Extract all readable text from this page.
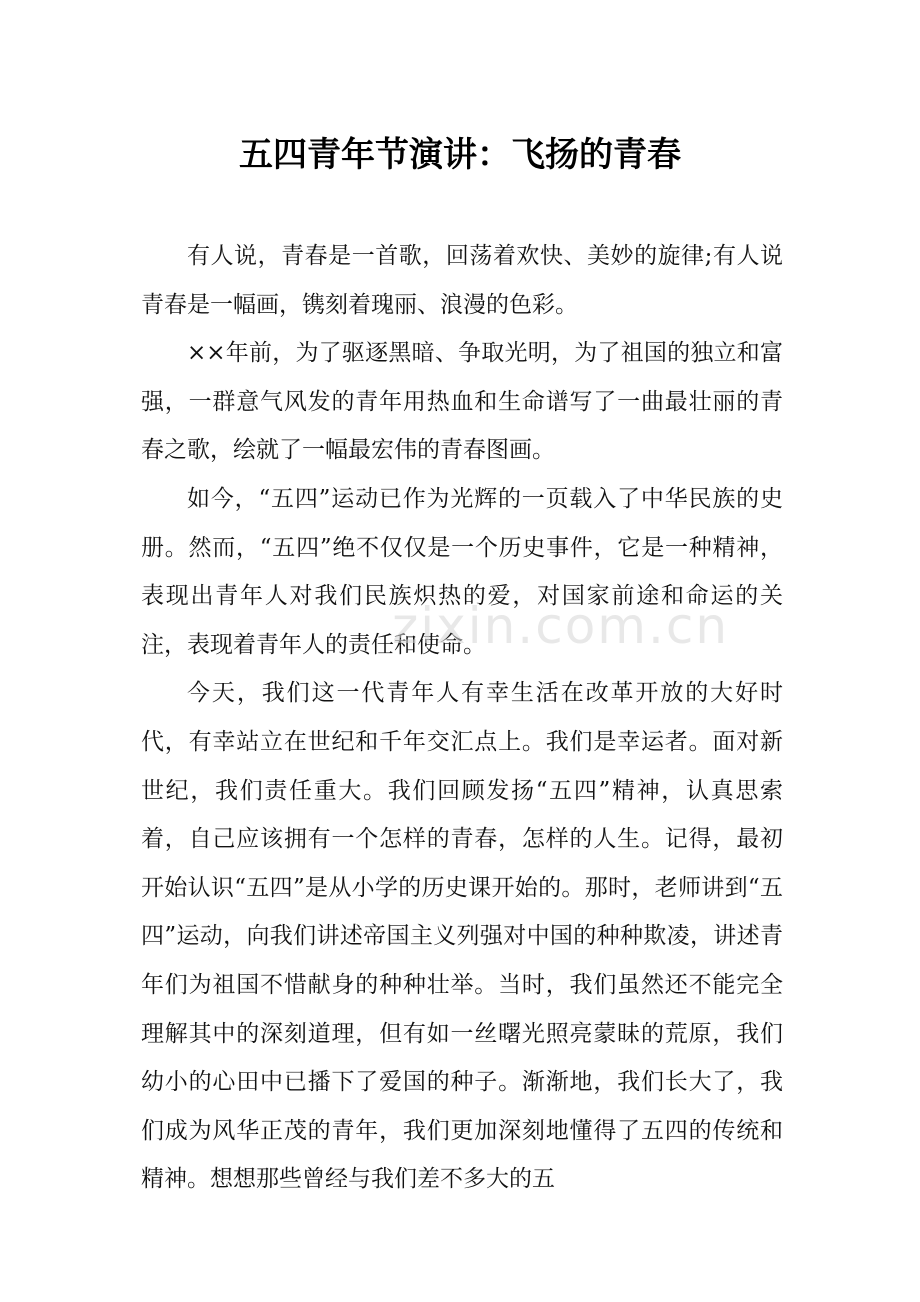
五四青年节演讲：飞扬的青春

有人说，青春是一首歌，回荡着欢快、美妙的旋律;有人说青春是一幅画，镌刻着瑰丽、浪漫的色彩。

××年前，为了驱逐黑暗、争取光明，为了祖国的独立和富强，一群意气风发的青年用热血和生命谱写了一曲最壮丽的青春之歌，绘就了一幅最宏伟的青春图画。

如今，“五四”运动已作为光辉的一页载入了中华民族的史册。然而，“五四”绝不仅仅是一个历史事件，它是一种精神，表现出青年人对我们民族炽热的爱，对国家前途和命运的关注，表现着青年人的责任和使命。

今天，我们这一代青年人有幸生活在改革开放的大好时代，有幸站立在世纪和千年交汇点上。我们是幸运者。面对新世纪，我们责任重大。我们回顾发扬“五四”精神，认真思索着，自己应该拥有一个怎样的青春，怎样的人生。记得，最初开始认识“五四”是从小学的历史课开始的。那时，老师讲到“五四”运动，向我们讲述帝国主义列强对中国的种种欺凌，讲述青年们为祖国不惜献身的种种壮举。当时，我们虽然还不能完全理解其中的深刻道理，但有如一丝曙光照亮蒙昧的荒原，我们幼小的心田中已播下了爱国的种子。渐渐地，我们长大了，我们成为风华正茂的青年，我们更加深刻地懂得了五四的传统和精神。想想那些曾经与我们差不多大的五

zixin.com.cn
